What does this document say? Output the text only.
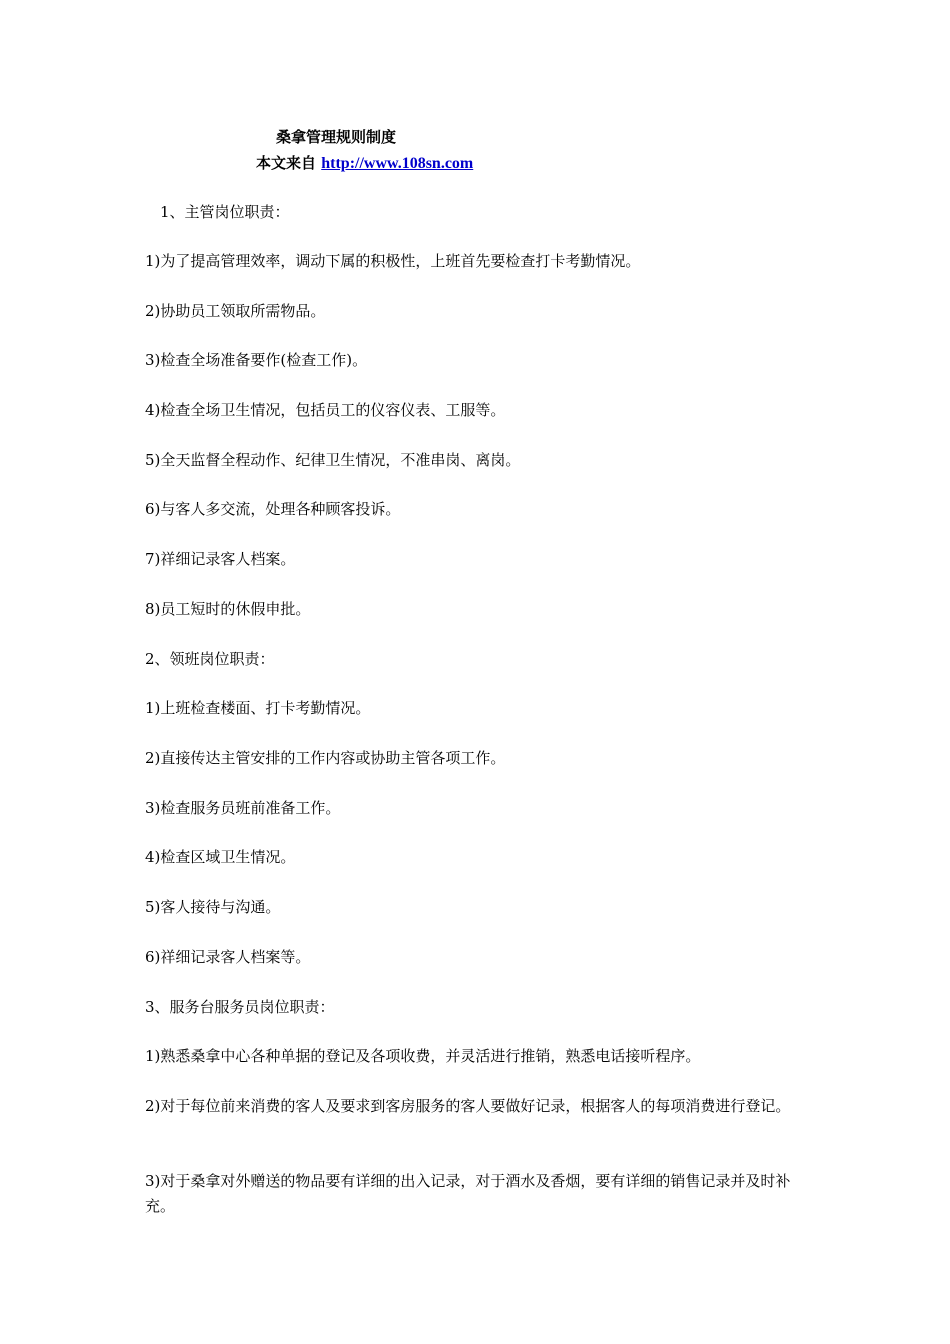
桑拿管理规则制度
本文来自 http://www.108sn.com
1、主管岗位职责：
1)为了提高管理效率，调动下属的积极性，上班首先要检查打卡考勤情况。
2)协助员工领取所需物品。
3)检查全场准备要作(检查工作)。
4)检查全场卫生情况，包括员工的仪容仪表、工服等。
5)全天监督全程动作、纪律卫生情况，不准串岗、离岗。
6)与客人多交流，处理各种顾客投诉。
7)祥细记录客人档案。
8)员工短时的休假申批。
2、领班岗位职责：
1)上班检查楼面、打卡考勤情况。
2)直接传达主管安排的工作内容或协助主管各项工作。
3)检查服务员班前准备工作。
4)检查区域卫生情况。
5)客人接待与沟通。
6)祥细记录客人档案等。
3、服务台服务员岗位职责：
1)熟悉桑拿中心各种单据的登记及各项收费，并灵活进行推销，熟悉电话接听程序。
2)对于每位前来消费的客人及要求到客房服务的客人要做好记录，根据客人的每项消费进行登记。
3)对于桑拿对外赠送的物品要有详细的出入记录，对于酒水及香烟，要有详细的销售记录并及时补充。
